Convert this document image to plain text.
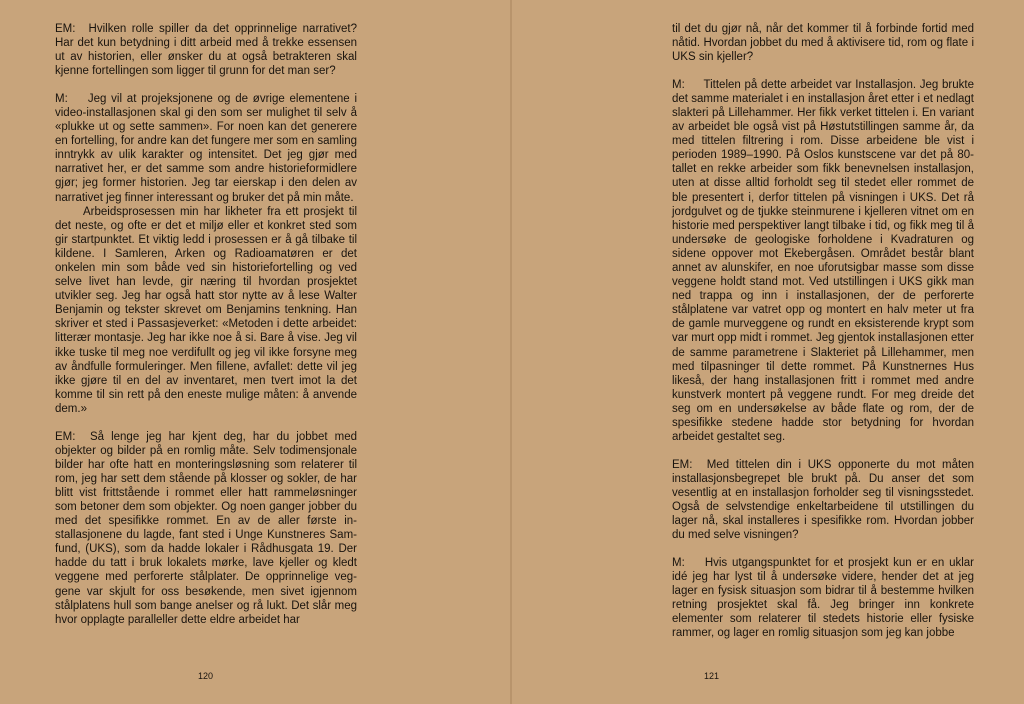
EM: Hvilken rolle spiller da det opprinnelige narrativet? Har det kun betydning i ditt arbeid med å trekke essensen ut av historien, eller ønsker du at også betrakteren skal kjenne fortellingen som ligger til grunn for det man ser?

M: Jeg vil at projeksjonene og de øvrige elementene i video-installasjonen skal gi den som ser mulighet til selv å «plukke ut og sette sammen». For noen kan det generere en fortelling, for andre kan det fungere mer som en samling inntrykk av ulik karakter og intensitet. Det jeg gjør med narrativet her, er det samme som andre historieformidlere gjør; jeg former historien. Jeg tar eierskap i den delen av narrativet jeg finner interessant og bruker det på min måte.

Arbeidsprosessen min har likheter fra ett prosjekt til det neste, og ofte er det et miljø eller et konkret sted som gir startpunktet. Et viktig ledd i prosessen er å gå tilbake til kildene. I Samleren, Arken og Radioamatøren er det onkelen min som både ved sin historiefortelling og ved selve livet han levde, gir næring til hvordan prosjektet utvikler seg. Jeg har også hatt stor nytte av å lese Walter Benjamin og tekster skrevet om Benjamins tenkning. Han skriver et sted i Passasjeverket: «Metoden i dette arbeidet: litterær montasje. Jeg har ikke noe å si. Bare å vise. Jeg vil ikke tuske til meg noe verdifullt og jeg vil ikke forsyne meg av åndfulle formuleringer. Men fillene, avfallet: dette vil jeg ikke gjøre til en del av inventaret, men tvert imot la det komme til sin rett på den eneste mulige måten: å anvende dem.»

EM: Så lenge jeg har kjent deg, har du jobbet med objekter og bilder på en romlig måte. Selv todimensjonale bilder har ofte hatt en monteringsløsning som relaterer til rom, jeg har sett dem stående på klosser og sokler, de har blitt vist frittstående i rommet eller hatt rammeløsninger som betoner dem som objekter. Og noen ganger jobber du med det spesifikke rommet. En av de aller første installasjonene du lagde, fant sted i Unge Kunstneres Samfund, (UKS), som da hadde lokaler i Rådhusgata 19. Der hadde du tatt i bruk lokalets mørke, lave kjeller og kledt veggene med perforerte stålplater. De opprinnelige veggene var skjult for oss besøkende, men sivet igjennom stålplatens hull som bange anelser og rå lukt. Det slår meg hvor opplagte paralleller dette eldre arbeidet har

120

til det du gjør nå, når det kommer til å forbinde fortid med nåtid. Hvordan jobbet du med å aktivisere tid, rom og flate i UKS sin kjeller?

M: Tittelen på dette arbeidet var Installasjon. Jeg brukte det samme materialet i en installasjon året etter i et nedlagt slakteri på Lillehammer. Her fikk verket tittelen i. En variant av arbeidet ble også vist på Høstutstillingen samme år, da med tittelen filtrering i rom. Disse arbeidene ble vist i perioden 1989–1990. På Oslos kunstscene var det på 80-tallet en rekke arbeider som fikk benevnelsen installasjon, uten at disse alltid forholdt seg til stedet eller rommet de ble presentert i, derfor tittelen på visningen i UKS. Det rå jordgulvet og de tjukke steinmurene i kjelleren vitnet om en historie med perspektiver langt tilbake i tid, og fikk meg til å undersøke de geologiske forholdene i Kvadraturen og sidene oppover mot Ekebergåsen. Området består blant annet av alunskifer, en noe uforutsigbar masse som disse veggene holdt stand mot. Ved utstillingen i UKS gikk man ned trappa og inn i installasjonen, der de perforerte stålplatene var vatret opp og montert en halv meter ut fra de gamle murveggene og rundt en eksisterende krypt som var murt opp midt i rommet. Jeg gjentok installasjonen etter de samme parametrene i Slakteriet på Lillehammer, men med tilpasninger til dette rommet. På Kunstnernes Hus likeså, der hang installasjonen fritt i rommet med andre kunstverk montert på veggene rundt. For meg dreide det seg om en undersøkelse av både flate og rom, der de spesifikke stedene hadde stor betydning for hvordan arbeidet gestaltet seg.

EM: Med tittelen din i UKS opponerte du mot måten installasjonsbegrepet ble brukt på. Du anser det som vesentlig at en installasjon forholder seg til visningsstedet. Også de selvstendige enkeltarbeidene til utstillingen du lager nå, skal installeres i spesifikke rom. Hvordan jobber du med selve visningen?

M: Hvis utgangspunktet for et prosjekt kun er en uklar idé jeg har lyst til å undersøke videre, hender det at jeg lager en fysisk situasjon som bidrar til å bestemme hvilken retning prosjektet skal få. Jeg bringer inn konkrete elementer som relaterer til stedets historie eller fysiske rammer, og lager en romlig situasjon som jeg kan jobbe

121
